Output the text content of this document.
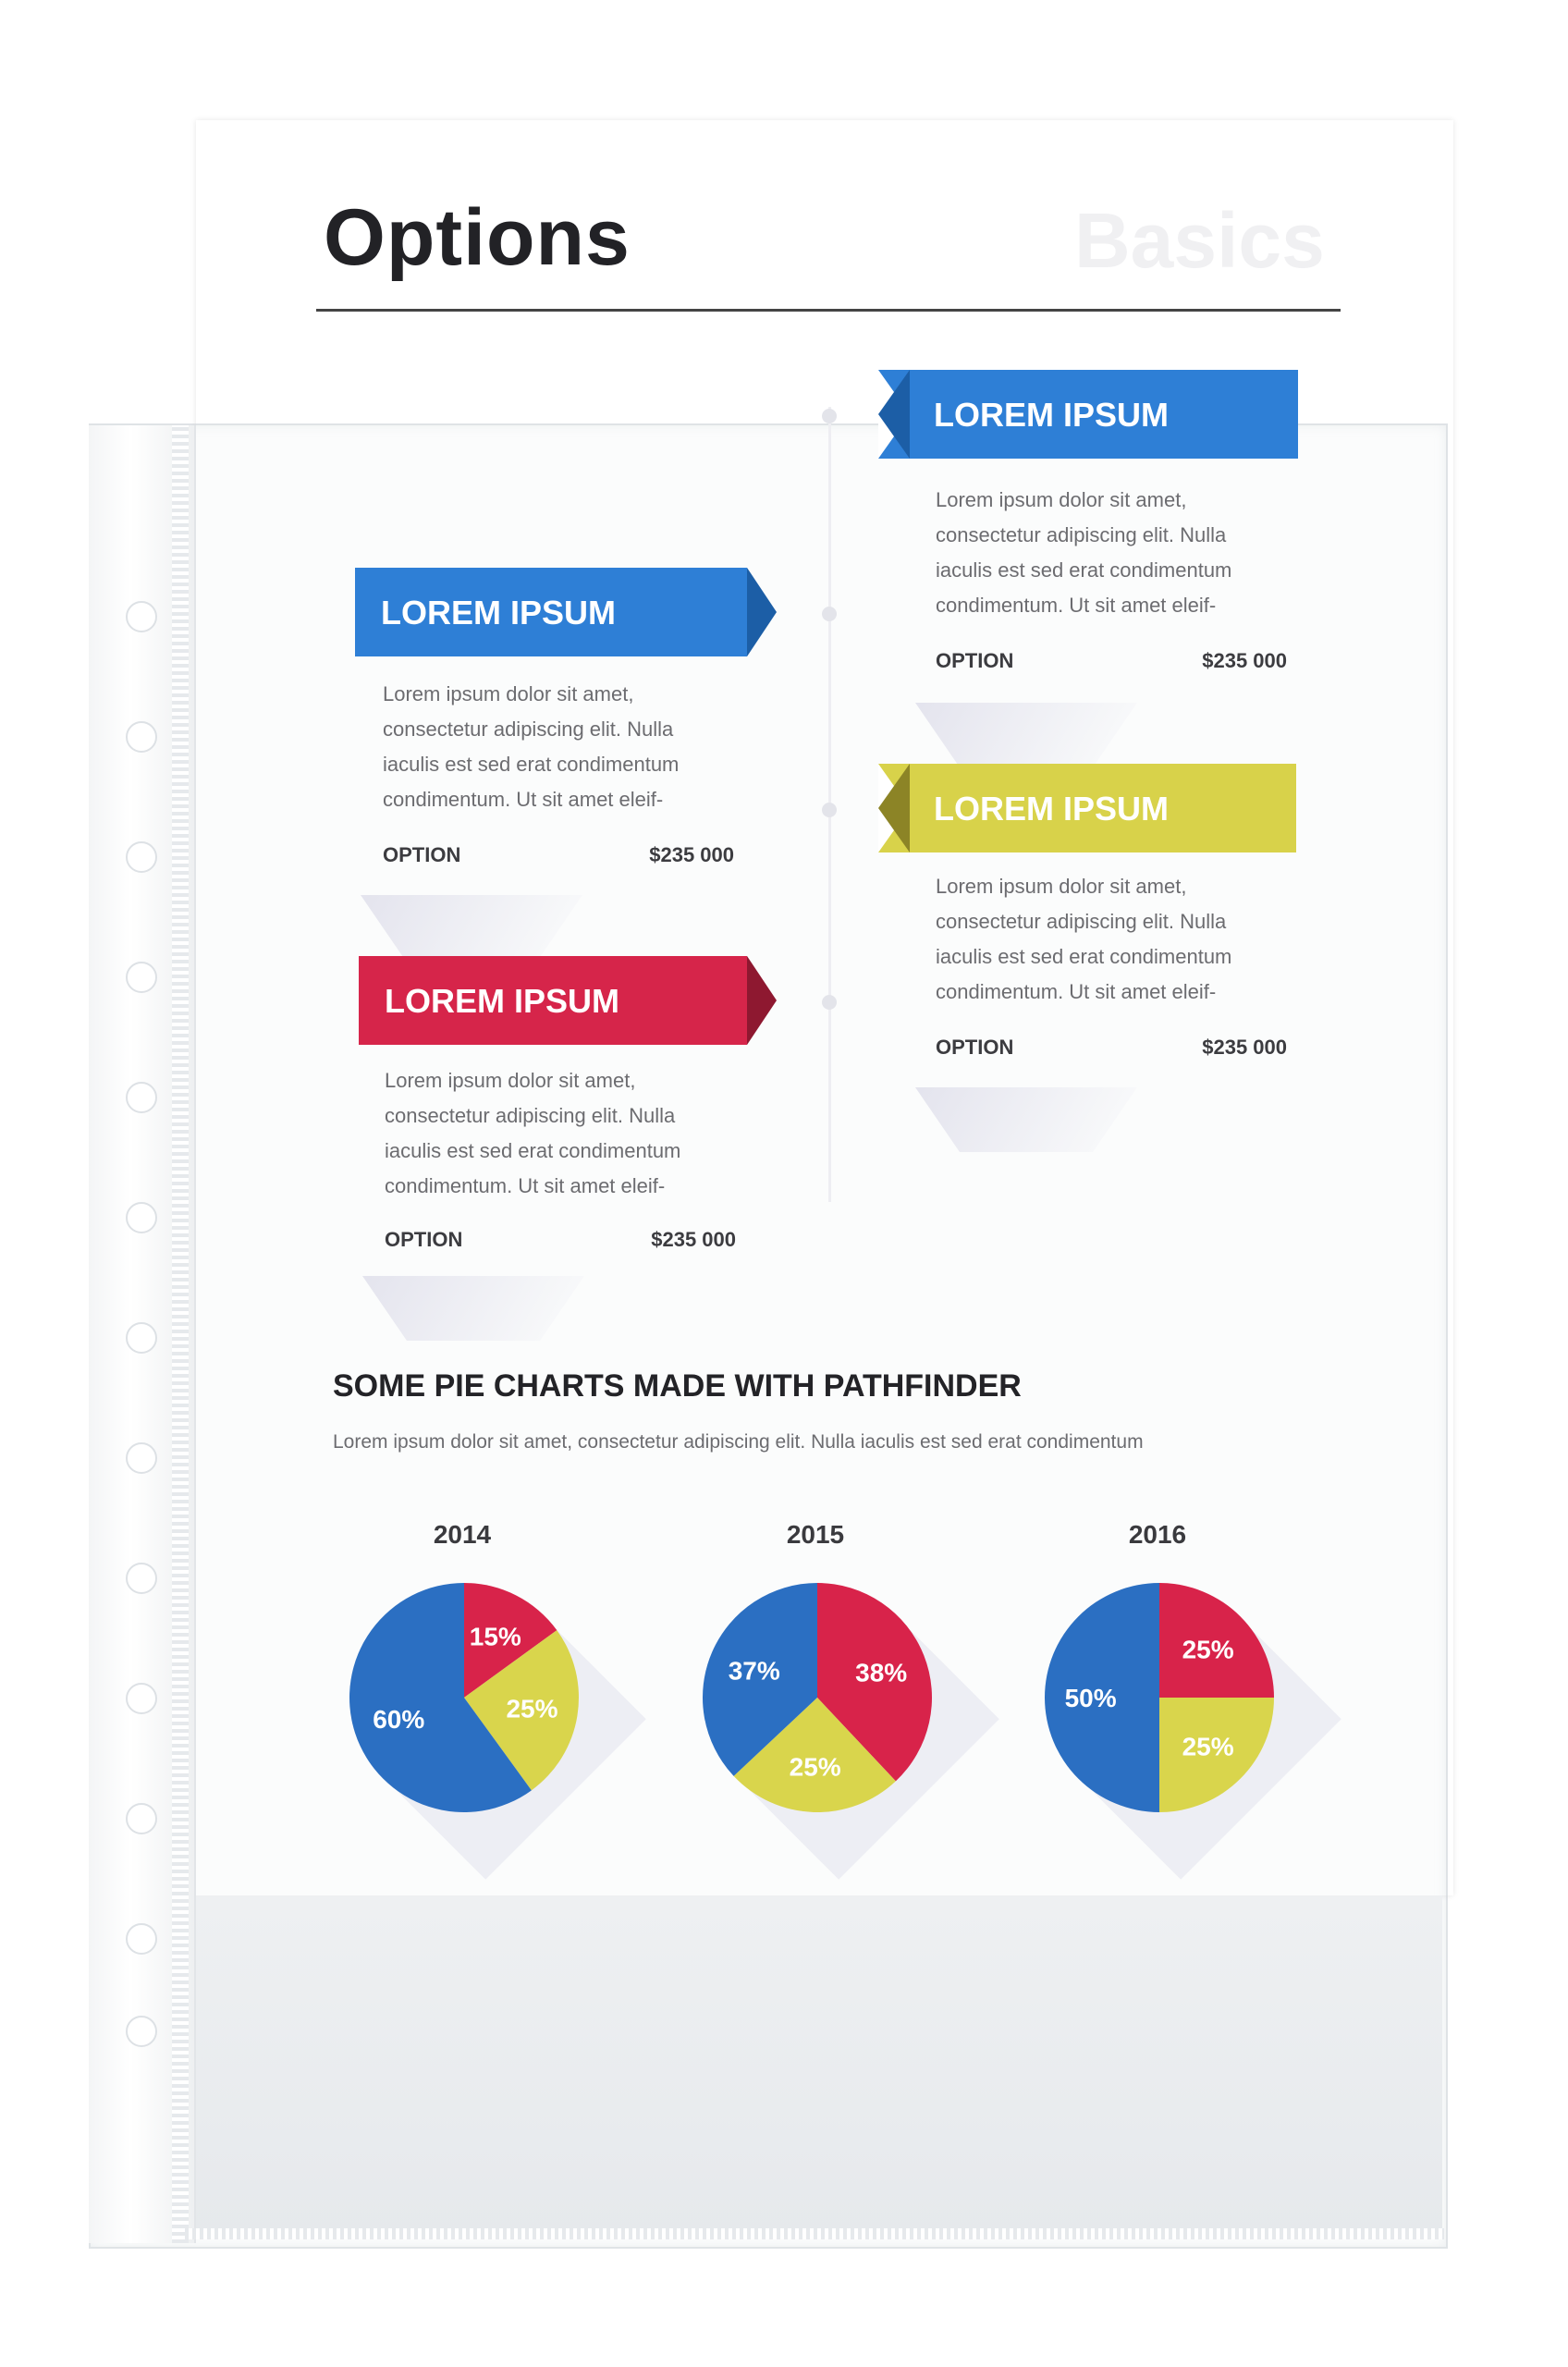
Options	Basics
LOREM IPSUM
Lorem ipsum dolor sit amet,
consectetur adipiscing elit. Nulla
iaculis est sed erat condimentum
condimentum. Ut sit amet eleif-
OPTION	$235 000
LOREM IPSUM
Lorem ipsum dolor sit amet,
consectetur adipiscing elit. Nulla
iaculis est sed erat condimentum
condimentum. Ut sit amet eleif-
OPTION	$235 000
LOREM IPSUM
Lorem ipsum dolor sit amet,
consectetur adipiscing elit. Nulla
iaculis est sed erat condimentum
condimentum. Ut sit amet eleif-
OPTION	$235 000
LOREM IPSUM
Lorem ipsum dolor sit amet,
consectetur adipiscing elit. Nulla
iaculis est sed erat condimentum
condimentum. Ut sit amet eleif-
OPTION	$235 000
SOME PIE CHARTS MADE WITH PATHFINDER
Lorem ipsum dolor sit amet, consectetur adipiscing elit. Nulla iaculis est sed erat condimentum
2014	2015	2016
15%
25%
60%
38%
25%
37%
25%
25%
50%
